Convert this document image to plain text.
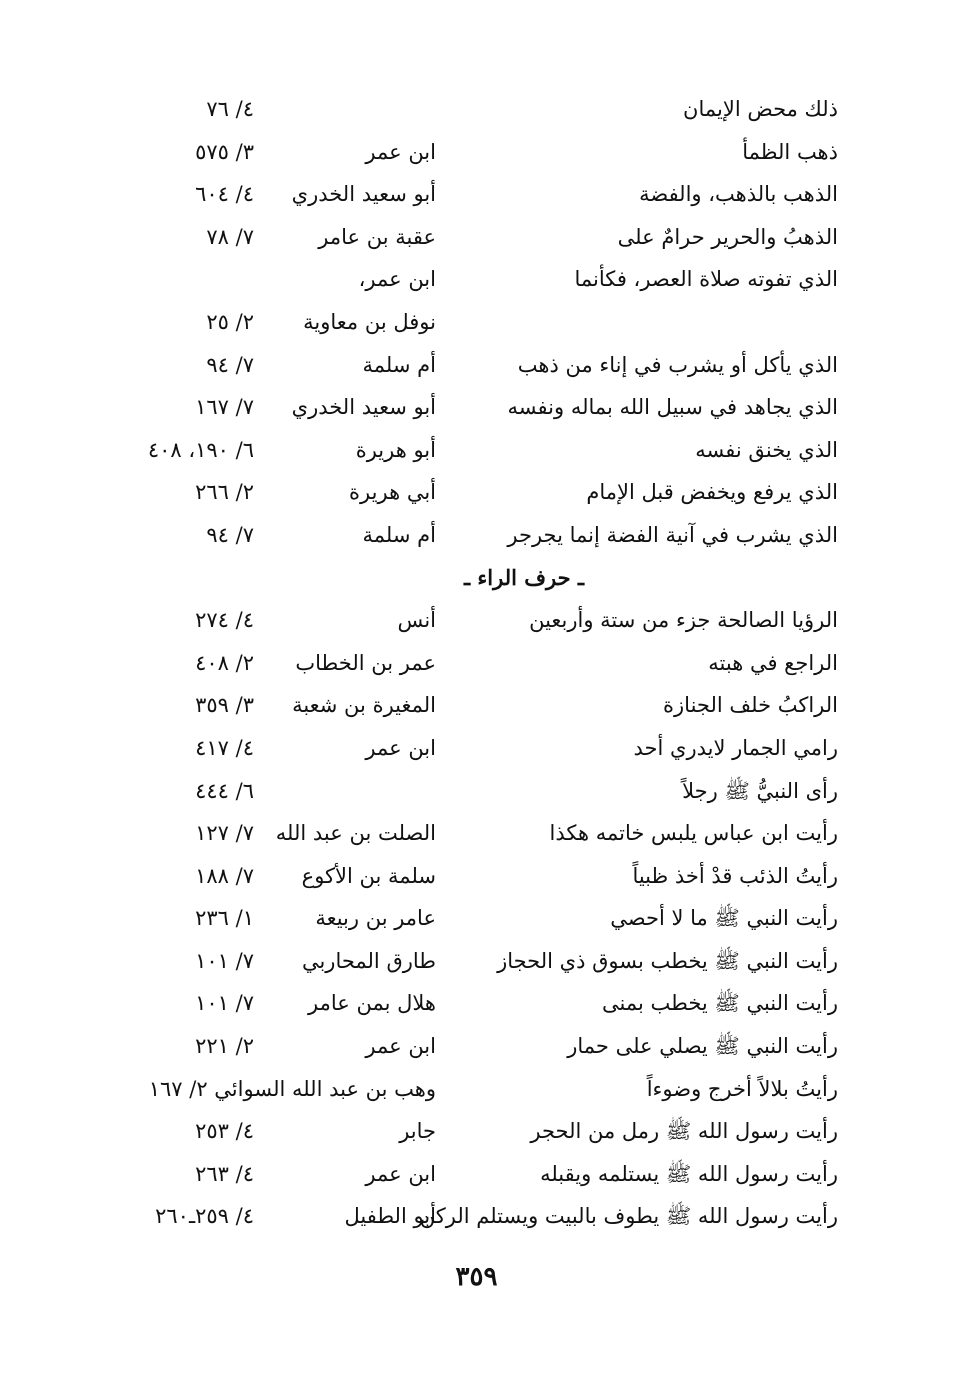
ذلك محض الإيمان
٤/ ٧٦
ذهب الظمأ
ابن عمر
٣/ ٥٧٥
الذهب بالذهب، والفضة
أبو سعيد الخدري
٤/ ٦٠٤
الذهبُ والحرير حرامٌ على
عقبة بن عامر
٧/ ٧٨
الذي تفوته صلاة العصر، فكأنما
ابن عمر،
نوفل بن معاوية
٢/ ٢٥
الذي يأكل أو يشرب في إناء من ذهب
أم سلمة
٧/ ٩٤
الذي يجاهد في سبيل الله بماله ونفسه
أبو سعيد الخدري
٧/ ١٦٧
الذي يخنق نفسه
أبو هريرة
٦/ ١٩٠، ٤٠٨
الذي يرفع ويخفض قبل الإمام
أبي هريرة
٢/ ٢٦٦
الذي يشرب في آنية الفضة إنما يجرجر
أم سلمة
٧/ ٩٤
ـ حرف الراء ـ
الرؤيا الصالحة جزء من ستة وأربعين
أنس
٤/ ٢٧٤
الراجع في هبته
عمر بن الخطاب
٢/ ٤٠٨
الراكبُ خلف الجنازة
المغيرة بن شعبة
٣/ ٣٥٩
رامي الجمار لايدري أحد
ابن عمر
٤/ ٤١٧
رأى النبيُّ ﷺ رجلاً
٦/ ٤٤٤
رأيت ابن عباس يلبس خاتمه هكذا
الصلت بن عبد الله
٧/ ١٢٧
رأيتُ الذئب قدْ أخذ ظبياً
سلمة بن الأكوع
٧/ ١٨٨
رأيت النبي ﷺ ما لا أحصي
عامر بن ربيعة
١/ ٢٣٦
رأيت النبي ﷺ يخطب بسوق ذي الحجاز
طارق المحاربي
٧/ ١٠١
رأيت النبي ﷺ يخطب بمنى
هلال بمن عامر
٧/ ١٠١
رأيت النبي ﷺ يصلي على حمار
ابن عمر
٢/ ٢٢١
رأيتُ بلالاً أخرج وضوءاً
وهب بن عبد الله السوائي ٢/ ١٦٧
رأيت رسول الله ﷺ رمل من الحجر
جابر
٤/ ٢٥٣
رأيت رسول الله ﷺ يستلمه ويقبله
ابن عمر
٤/ ٢٦٣
رأيت رسول الله ﷺ يطوف بالبيت ويستلم الركن
أبو الطفيل
٤/ ٢٥٩ـ٢٦٠
٣٥٩
